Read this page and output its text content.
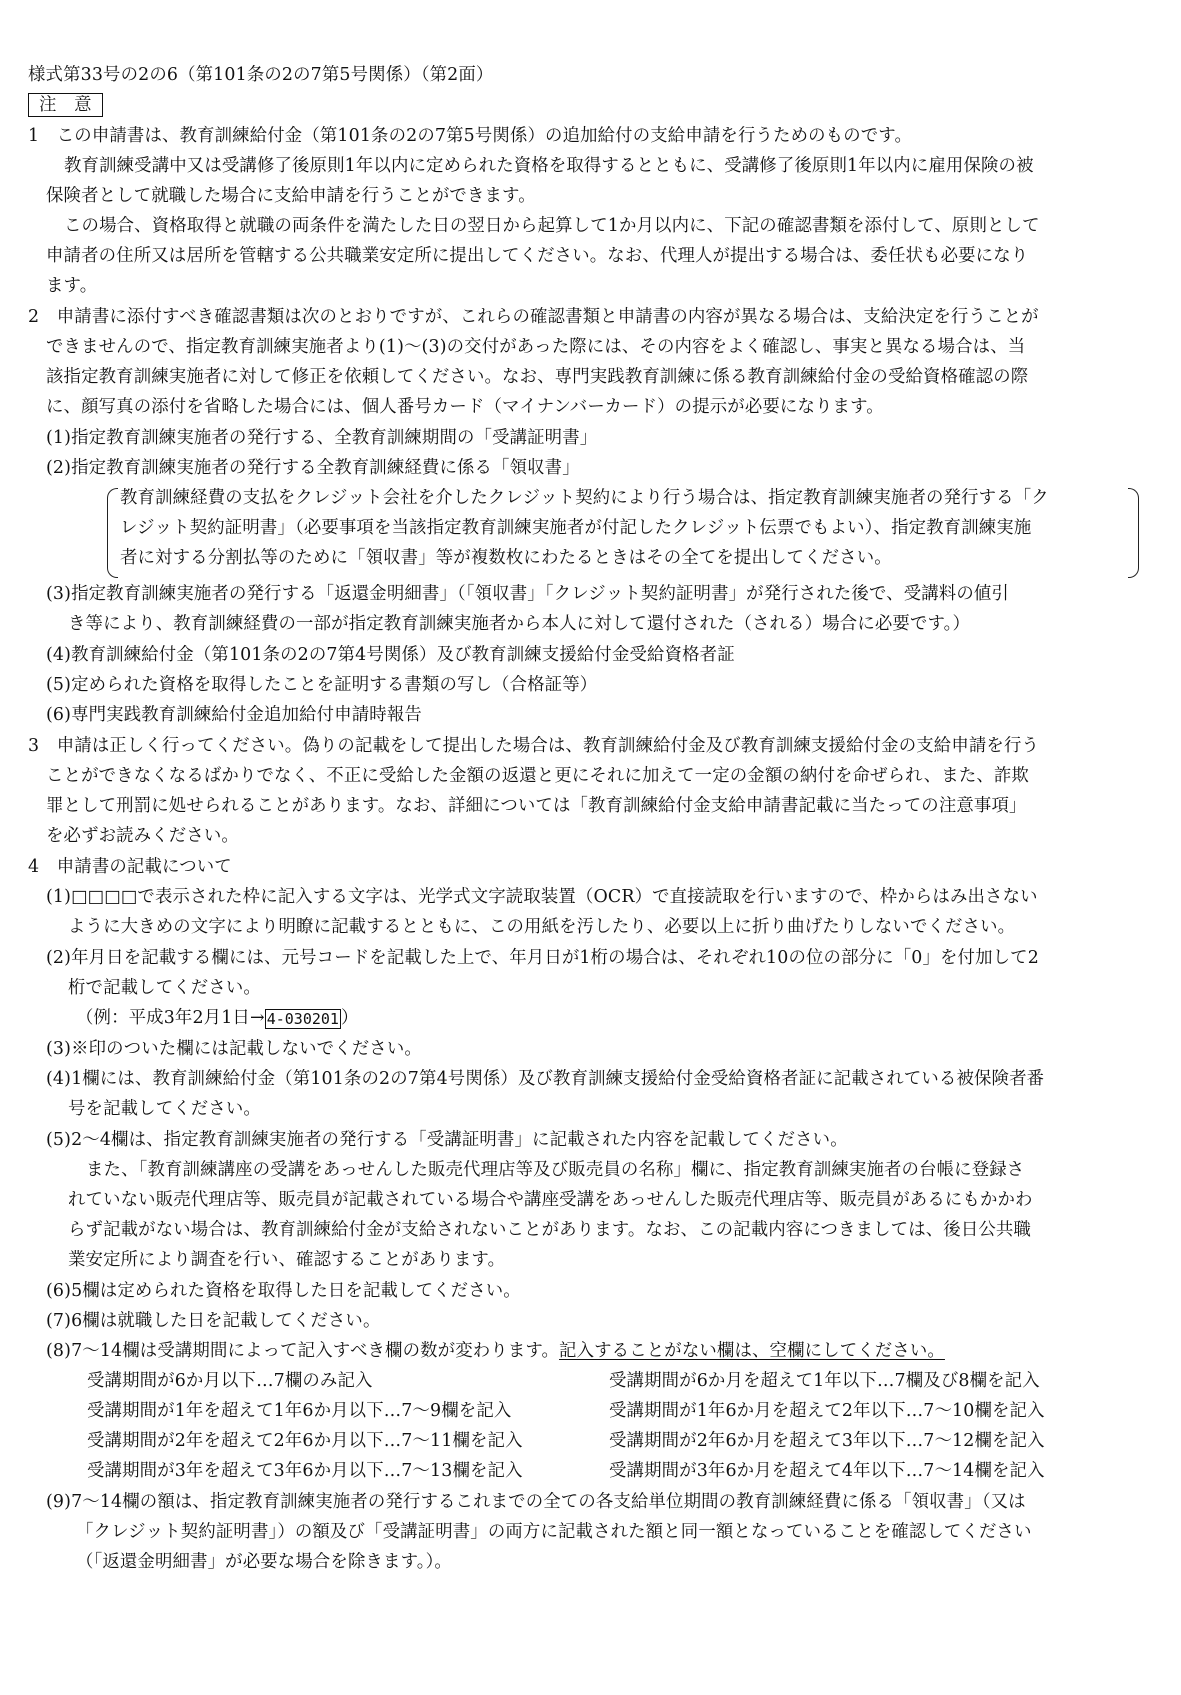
様式第33号の2の6（第101条の2の7第5号関係）（第2面）
注　意
1　この申請書は、教育訓練給付金（第101条の2の7第5号関係）の追加給付の支給申請を行うためのものです。
教育訓練受講中又は受講修了後原則1年以内に定められた資格を取得するとともに、受講修了後原則1年以内に雇用保険の被
保険者として就職した場合に支給申請を行うことができます。
この場合、資格取得と就職の両条件を満たした日の翌日から起算して1か月以内に、下記の確認書類を添付して、原則として
申請者の住所又は居所を管轄する公共職業安定所に提出してください。なお、代理人が提出する場合は、委任状も必要になり
ます。
2　申請書に添付すべき確認書類は次のとおりですが、これらの確認書類と申請書の内容が異なる場合は、支給決定を行うことが
できませんので、指定教育訓練実施者より(1)～(3)の交付があった際には、その内容をよく確認し、事実と異なる場合は、当
該指定教育訓練実施者に対して修正を依頼してください。なお、専門実践教育訓練に係る教育訓練給付金の受給資格確認の際
に、顔写真の添付を省略した場合には、個人番号カード（マイナンバーカード）の提示が必要になります。
(1)指定教育訓練実施者の発行する、全教育訓練期間の「受講証明書」
(2)指定教育訓練実施者の発行する全教育訓練経費に係る「領収書」
教育訓練経費の支払をクレジット会社を介したクレジット契約により行う場合は、指定教育訓練実施者の発行する「ク
レジット契約証明書」（必要事項を当該指定教育訓練実施者が付記したクレジット伝票でもよい）、指定教育訓練実施
者に対する分割払等のために「領収書」等が複数枚にわたるときはその全てを提出してください。
(3)指定教育訓練実施者の発行する「返還金明細書」（「領収書」「クレジット契約証明書」が発行された後で、受講料の値引
き等により、教育訓練経費の一部が指定教育訓練実施者から本人に対して還付された（される）場合に必要です。）
(4)教育訓練給付金（第101条の2の7第4号関係）及び教育訓練支援給付金受給資格者証
(5)定められた資格を取得したことを証明する書類の写し（合格証等）
(6)専門実践教育訓練給付金追加給付申請時報告
3　申請は正しく行ってください。偽りの記載をして提出した場合は、教育訓練給付金及び教育訓練支援給付金の支給申請を行う
ことができなくなるばかりでなく、不正に受給した金額の返還と更にそれに加えて一定の金額の納付を命ぜられ、また、詐欺
罪として刑罰に処せられることがあります。なお、詳細については「教育訓練給付金支給申請書記載に当たっての注意事項」
を必ずお読みください。
4　申請書の記載について
(1)□□□□で表示された枠に記入する文字は、光学式文字読取装置（OCR）で直接読取を行いますので、枠からはみ出さない
ように大きめの文字により明瞭に記載するとともに、この用紙を汚したり、必要以上に折り曲げたりしないでください。
(2)年月日を記載する欄には、元号コードを記載した上で、年月日が1桁の場合は、それぞれ10の位の部分に「0」を付加して2
桁で記載してください。
（例：平成3年2月1日→ 4-030201 ）
(3)※印のついた欄には記載しないでください。
(4)1欄には、教育訓練給付金（第101条の2の7第4号関係）及び教育訓練支援給付金受給資格者証に記載されている被保険者番
号を記載してください。
(5)2～4欄は、指定教育訓練実施者の発行する「受講証明書」に記載された内容を記載してください。
また、「教育訓練講座の受講をあっせんした販売代理店等及び販売員の名称」欄に、指定教育訓練実施者の台帳に登録さ
れていない販売代理店等、販売員が記載されている場合や講座受講をあっせんした販売代理店等、販売員があるにもかかわ
らず記載がない場合は、教育訓練給付金が支給されないことがあります。なお、この記載内容につきましては、後日公共職
業安定所により調査を行い、確認することがあります。
(6)5欄は定められた資格を取得した日を記載してください。
(7)6欄は就職した日を記載してください。
(8)7～14欄は受講期間によって記入すべき欄の数が変わります。記入することがない欄は、空欄にしてください。
受講期間が6か月以下…7欄のみ記入	受講期間が6か月を超えて1年以下…7欄及び8欄を記入
受講期間が1年を超えて1年6か月以下…7～9欄を記入	受講期間が1年6か月を超えて2年以下…7～10欄を記入
受講期間が2年を超えて2年6か月以下…7～11欄を記入	受講期間が2年6か月を超えて3年以下…7～12欄を記入
受講期間が3年を超えて3年6か月以下…7～13欄を記入	受講期間が3年6か月を超えて4年以下…7～14欄を記入
(9)7～14欄の額は、指定教育訓練実施者の発行するこれまでの全ての各支給単位期間の教育訓練経費に係る「領収書」（又は
「クレジット契約証明書」）の額及び「受講証明書」の両方に記載された額と同一額となっていることを確認してください
（「返還金明細書」が必要な場合を除きます。）。
